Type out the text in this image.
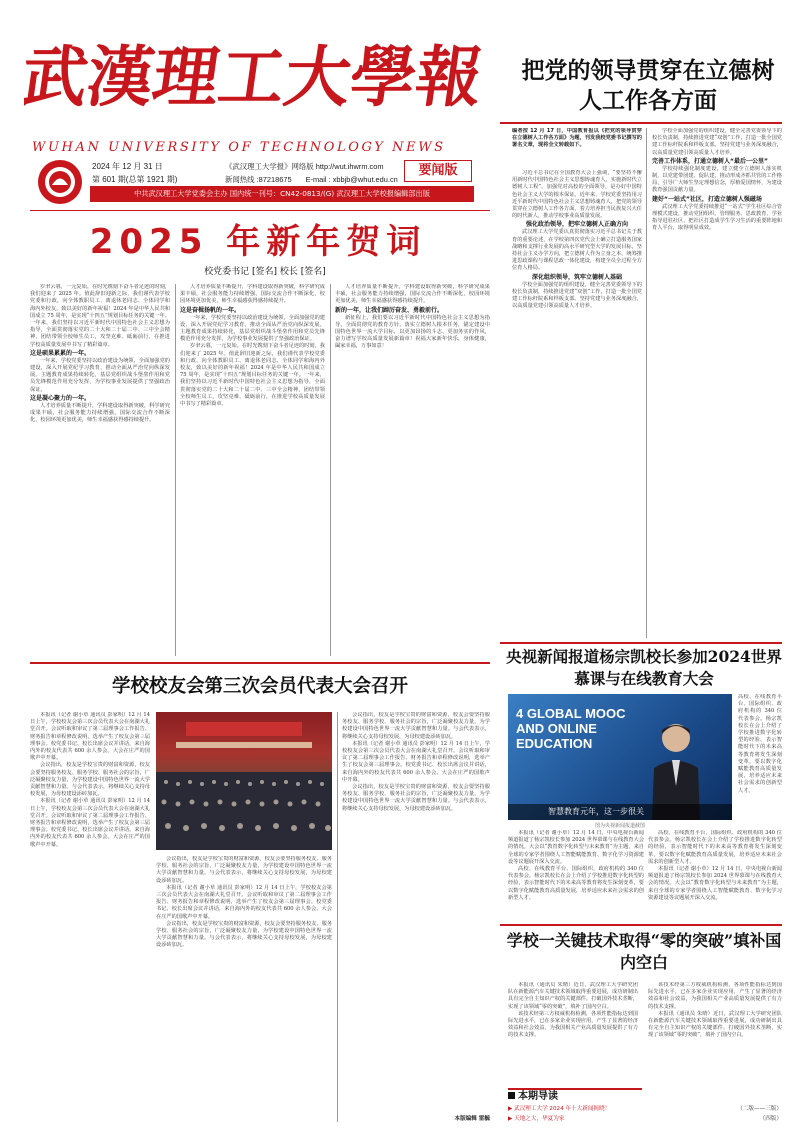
武漢理工大學報
WUHAN UNIVERSITY OF TECHNOLOGY NEWS
2024 年 12 月 31 日
第 601 期(总第 1921 期)
《武汉理工大学报》网络版 http://wut.ihwrm.com
新闻热线 :87218675 E-mail : xbbjb@whut.edu.cn
要闻版
中共武汉理工大学党委会主办 国内统一刊号：CN42-0813/(G) 武汉理工大学校报编辑部出版
把党的领导贯穿在立德树人工作各方面
编者按 12 月 17 日，中国教育报以《把党的领导贯穿在立德树人工作各方面》为题，刊发我校党委书记撰写的署名文章，现将全文转载如下。

习近平总书记在全国教育大会上强调，“要坚持不懈用新时代中国特色社会主义思想铸魂育人，实施新时代立德树人工程”。加强党对高校的全面领导，是办好中国特色社会主义大学的根本保证。近年来，学校党委坚持用习近平新时代中国特色社会主义思想铸魂育人，把党的领导贯穿在立德树人工作各方面，着力培养担当民族复兴大任的时代新人，推动学校事业高质量发展。

强化政治领导，把牢立德树人正确方向

武汉理工大学党委认真贯彻落实习近平总书记关于教育的重要论述，在学校第四次党代会上确立打造服务国家战略和支撑行业发展的高水平研究型大学的发展目标，坚持社会主义办学方向，把立德树人作为立身之本，统筹推进思政课程与课程思政一体化建设，构建全员全过程全方位育人格局。

深化组织领导，筑牢立德树人基础

学校全面加强党的组织建设，健全完善党委领导下的校长负责制，持续推进党建“双创”工作，打造一批全国党建工作标杆院系和样板支部。坚持党建与业务深度融合，以高质量党建引领高质量人才培养。

学校全面加强党的组织建设，健全完善党委领导下的校长负责制，持续推进党建“双创”工作，打造一批全国党建工作标杆院系和样板支部。坚持党建与业务深度融合，以高质量党建引领高质量人才培养。

完善工作体系，打通立德树人“最后一公里”

学校持续强化制度建设，建立健全立德树人落实机制，以党建带团建、促队建，推动形成齐抓共管的工作格局，引导广大师生坚定理想信念，厚植爱国情怀，为建设教育强国贡献力量。

建好“一站式”社区，打造立德树人强磁场

武汉理工大学党委持续推进“一站式”学生社区综合管理模式建设，推动党团组织、管理服务、思政教育、学业指导进驻社区，把社区打造成学生学习生活的重要阵地和育人平台，取得明显成效。

2025 年新年贺词
校党委书记 [签名] 校长 [签名]

岁聿云暮，一元复始。在时光镌刻下奋斗者足迹的时刻，我们迎来了 2025 年。值此辞旧迎新之际，我们谨代表学校党委和行政，向全体教职员工、离退休老同志、全体同学和海内外校友，致以美好的新年祝福！2024 年是中华人民共和国成立 75 周年，是实现“十四五”规划目标任务的关键一年。一年来，我们坚持以习近平新时代中国特色社会主义思想为指导，全面贯彻落实党的二十大和二十届二中、三中全会精神，团结带领全校师生员工，攻坚克难、砥砺前行，在推进学校高质量发展中书写了精彩篇章。

这是硕果累累的一年。

一年来，学校党委坚持以政治建设为统领，全面加强党的建设，深入开展党纪学习教育，推动全面从严治党向纵深发展。主题教育成果持续转化，基层党组织战斗堡垒作用和党员先锋模范作用充分发挥，为学校事业发展提供了坚强政治保证。

这是凝心聚力的一年。

人才培养质量不断提升，学科建设取得新突破，科学研究成果丰硕，社会服务能力持续增强，国际交流合作不断深化，校园环境更加优美，师生幸福感获得感持续提升。

人才培养质量不断提升，学科建设取得新突破，科学研究成果丰硕，社会服务能力持续增强，国际交流合作不断深化，校园环境更加优美，师生幸福感获得感持续提升。

这是奋楫扬帆的一年。

一年来，学校党委坚持以政治建设为统领，全面加强党的建设，深入开展党纪学习教育，推动全面从严治党向纵深发展。主题教育成果持续转化，基层党组织战斗堡垒作用和党员先锋模范作用充分发挥，为学校事业发展提供了坚强政治保证。

岁聿云暮，一元复始。在时光镌刻下奋斗者足迹的时刻，我们迎来了 2025 年。值此辞旧迎新之际，我们谨代表学校党委和行政，向全体教职员工、离退休老同志、全体同学和海内外校友，致以美好的新年祝福！2024 年是中华人民共和国成立 75 周年，是实现“十四五”规划目标任务的关键一年。一年来，我们坚持以习近平新时代中国特色社会主义思想为指导，全面贯彻落实党的二十大和二十届二中、三中全会精神，团结带领全校师生员工，攻坚克难、砥砺前行，在推进学校高质量发展中书写了精彩篇章。

人才培养质量不断提升，学科建设取得新突破，科学研究成果丰硕，社会服务能力持续增强，国际交流合作不断深化，校园环境更加优美，师生幸福感获得感持续提升。

新的一年，让我们踔厉奋发、勇毅前行。

新征程上，我们要以习近平新时代中国特色社会主义思想为指导，全面贯彻党的教育方针，落实立德树人根本任务，锚定建设中国特色世界一流大学目标，以更加昂扬的斗志、更加务实的作风，奋力谱写学校高质量发展新篇章！祝福大家新年快乐，身体健康，阖家幸福，万事如意！

央视新闻报道杨宗凯校长参加2024世界慕课与在线教育大会
4 GLOBAL MOOC AND ONLINE EDUCATION
智慧教育元年，这一步很关
高校、在线教育平台、国际组织、政府机构的 340 位代表参会。杨宗凯校长在会上介绍了学校推进数字化转型的经验，表示智能时代下的未来高等教育将发生深刻变革，要以数字化赋能教育高质量发展，培养适应未来社会需求的创新型人才。
图为央视新闻报道截图

本报讯（记者 谢小草）12 月 14 日，中央电视台新闻频道报道了杨宗凯校长参加 2024 世界慕课与在线教育大会的情况。大会以“教育数字化转型与未来教育”为主题，来自全球的专家学者围绕人工智能赋能教育、数字化学习资源建设等议题展开深入交流。

高校、在线教育平台、国际组织、政府机构的 340 位代表参会。杨宗凯校长在会上介绍了学校推进数字化转型的经验，表示智能时代下的未来高等教育将发生深刻变革，要以数字化赋能教育高质量发展，培养适应未来社会需求的创新型人才。

高校、在线教育平台、国际组织、政府机构的 340 位代表参会。杨宗凯校长在会上介绍了学校推进数字化转型的经验，表示智能时代下的未来高等教育将发生深刻变革，要以数字化赋能教育高质量发展，培养适应未来社会需求的创新型人才。

本报讯（记者 谢小草）12 月 14 日，中央电视台新闻频道报道了杨宗凯校长参加 2024 世界慕课与在线教育大会的情况。大会以“教育数字化转型与未来教育”为主题，来自全球的专家学者围绕人工智能赋能教育、数字化学习资源建设等议题展开深入交流。

学校校友会第三次会员代表大会召开

本报讯（记者 谢小草 通讯员 彭家明）12 月 14 日上午，学校校友会第三次会员代表大会在南湖大礼堂召开。会议听取和审议了第二届理事会工作报告、财务报告和章程修改说明，选举产生了校友会第三届理事会。校党委书记、校长出席会议并讲话，来自海内外的校友代表共 600 余人参会。大会在庄严的国歌声中开幕。

会议指出，校友是学校宝贵的财富和资源，校友会要坚持服务校友、服务学校、服务社会的宗旨，广泛凝聚校友力量，为学校建设中国特色世界一流大学贡献智慧和力量。与会代表表示，将继续关心支持母校发展，为母校建设添砖加瓦。

本报讯（记者 谢小草 通讯员 彭家明）12 月 14 日上午，学校校友会第三次会员代表大会在南湖大礼堂召开。会议听取和审议了第二届理事会工作报告、财务报告和章程修改说明，选举产生了校友会第三届理事会。校党委书记、校长出席会议并讲话，来自海内外的校友代表共 600 余人参会。大会在庄严的国歌声中开幕。

会议指出，校友是学校宝贵的财富和资源，校友会要坚持服务校友、服务学校、服务社会的宗旨，广泛凝聚校友力量，为学校建设中国特色世界一流大学贡献智慧和力量。与会代表表示，将继续关心支持母校发展，为母校建设添砖加瓦。

本报讯（记者 谢小草 通讯员 彭家明）12 月 14 日上午，学校校友会第三次会员代表大会在南湖大礼堂召开。会议听取和审议了第二届理事会工作报告、财务报告和章程修改说明，选举产生了校友会第三届理事会。校党委书记、校长出席会议并讲话，来自海内外的校友代表共 600 余人参会。大会在庄严的国歌声中开幕。

会议指出，校友是学校宝贵的财富和资源，校友会要坚持服务校友、服务学校、服务社会的宗旨，广泛凝聚校友力量，为学校建设中国特色世界一流大学贡献智慧和力量。与会代表表示，将继续关心支持母校发展，为母校建设添砖加瓦。

会议指出，校友是学校宝贵的财富和资源，校友会要坚持服务校友、服务学校、服务社会的宗旨，广泛凝聚校友力量，为学校建设中国特色世界一流大学贡献智慧和力量。与会代表表示，将继续关心支持母校发展，为母校建设添砖加瓦。

本报讯（记者 谢小草 通讯员 彭家明）12 月 14 日上午，学校校友会第三次会员代表大会在南湖大礼堂召开。会议听取和审议了第二届理事会工作报告、财务报告和章程修改说明，选举产生了校友会第三届理事会。校党委书记、校长出席会议并讲话，来自海内外的校友代表共 600 余人参会。大会在庄严的国歌声中开幕。

会议指出，校友是学校宝贵的财富和资源，校友会要坚持服务校友、服务学校、服务社会的宗旨，广泛凝聚校友力量，为学校建设中国特色世界一流大学贡献智慧和力量。与会代表表示，将继续关心支持母校发展，为母校建设添砖加瓦。

学校一关键技术取得“零的突破”填补国内空白

本报讯（通讯员 朱晴）近日，武汉理工大学研究团队在新能源汽车关键技术领域取得重要进展，成功研制出具有完全自主知识产权的关键部件，打破国外技术垄断，实现了该领域“零的突破”，填补了国内空白。

该技术经第三方权威机构检测，各项性能指标达到国际先进水平，已在多家企业实现应用，产生了显著的经济效益和社会效益，为我国相关产业高质量发展提供了有力的技术支撑。

该技术经第三方权威机构检测，各项性能指标达到国际先进水平，已在多家企业实现应用，产生了显著的经济效益和社会效益，为我国相关产业高质量发展提供了有力的技术支撑。

本报讯（通讯员 朱晴）近日，武汉理工大学研究团队在新能源汽车关键技术领域取得重要进展，成功研制出具有完全自主知识产权的关键部件，打破国外技术垄断，实现了该领域“零的突破”，填补了国内空白。

本期导读
▶ 武汉理工大学 2024 年十大新闻揭晓！	（二版——三版）
▶ 天地之大，华夏为家	（四版）
本版编辑 雷毓
